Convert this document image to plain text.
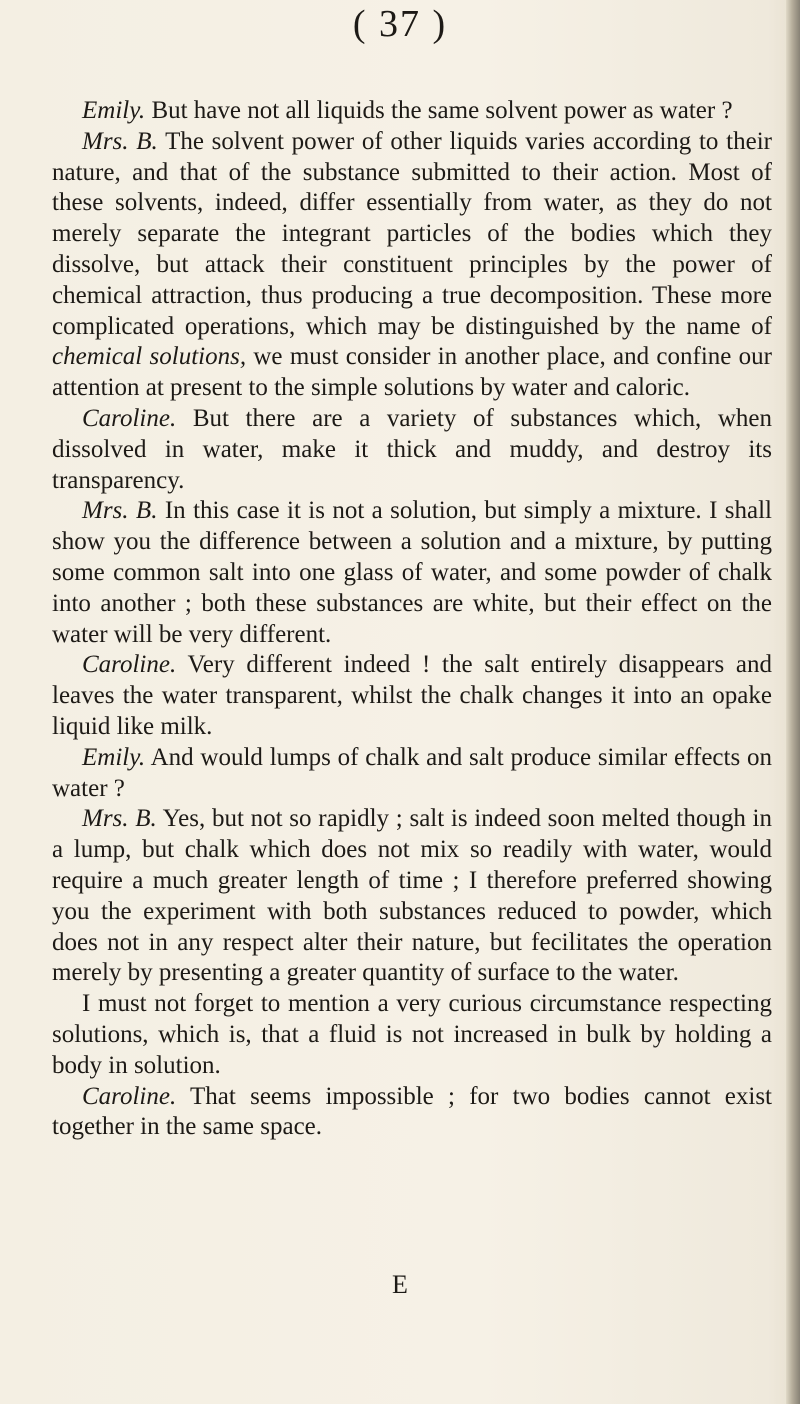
( 37 )

Emily. But have not all liquids the same solvent power as water ?

Mrs. B. The solvent power of other liquids varies according to their nature, and that of the substance submitted to their action. Most of these solvents, indeed, differ essentially from water, as they do not merely separate the integrant particles of the bodies which they dissolve, but attack their constituent principles by the power of chemical attraction, thus producing a true decomposition. These more complicated operations, which may be distinguished by the name of chemical solutions, we must consider in another place, and confine our attention at present to the simple solutions by water and caloric.

Caroline. But there are a variety of substances which, when dissolved in water, make it thick and muddy, and destroy its transparency.

Mrs. B. In this case it is not a solution, but simply a mixture. I shall show you the difference between a solution and a mixture, by putting some common salt into one glass of water, and some powder of chalk into another ; both these substances are white, but their effect on the water will be very different.

Caroline. Very different indeed ! the salt entirely disappears and leaves the water transparent, whilst the chalk changes it into an opake liquid like milk.

Emily. And would lumps of chalk and salt produce similar effects on water ?

Mrs. B. Yes, but not so rapidly ; salt is indeed soon melted though in a lump, but chalk which does not mix so readily with water, would require a much greater length of time ; I therefore preferred showing you the experiment with both substances reduced to powder, which does not in any respect alter their nature, but fecilitates the operation merely by presenting a greater quantity of surface to the water.

I must not forget to mention a very curious circumstance respecting solutions, which is, that a fluid is not increased in bulk by holding a body in solution.

Caroline. That seems impossible ; for two bodies cannot exist together in the same space.

E
